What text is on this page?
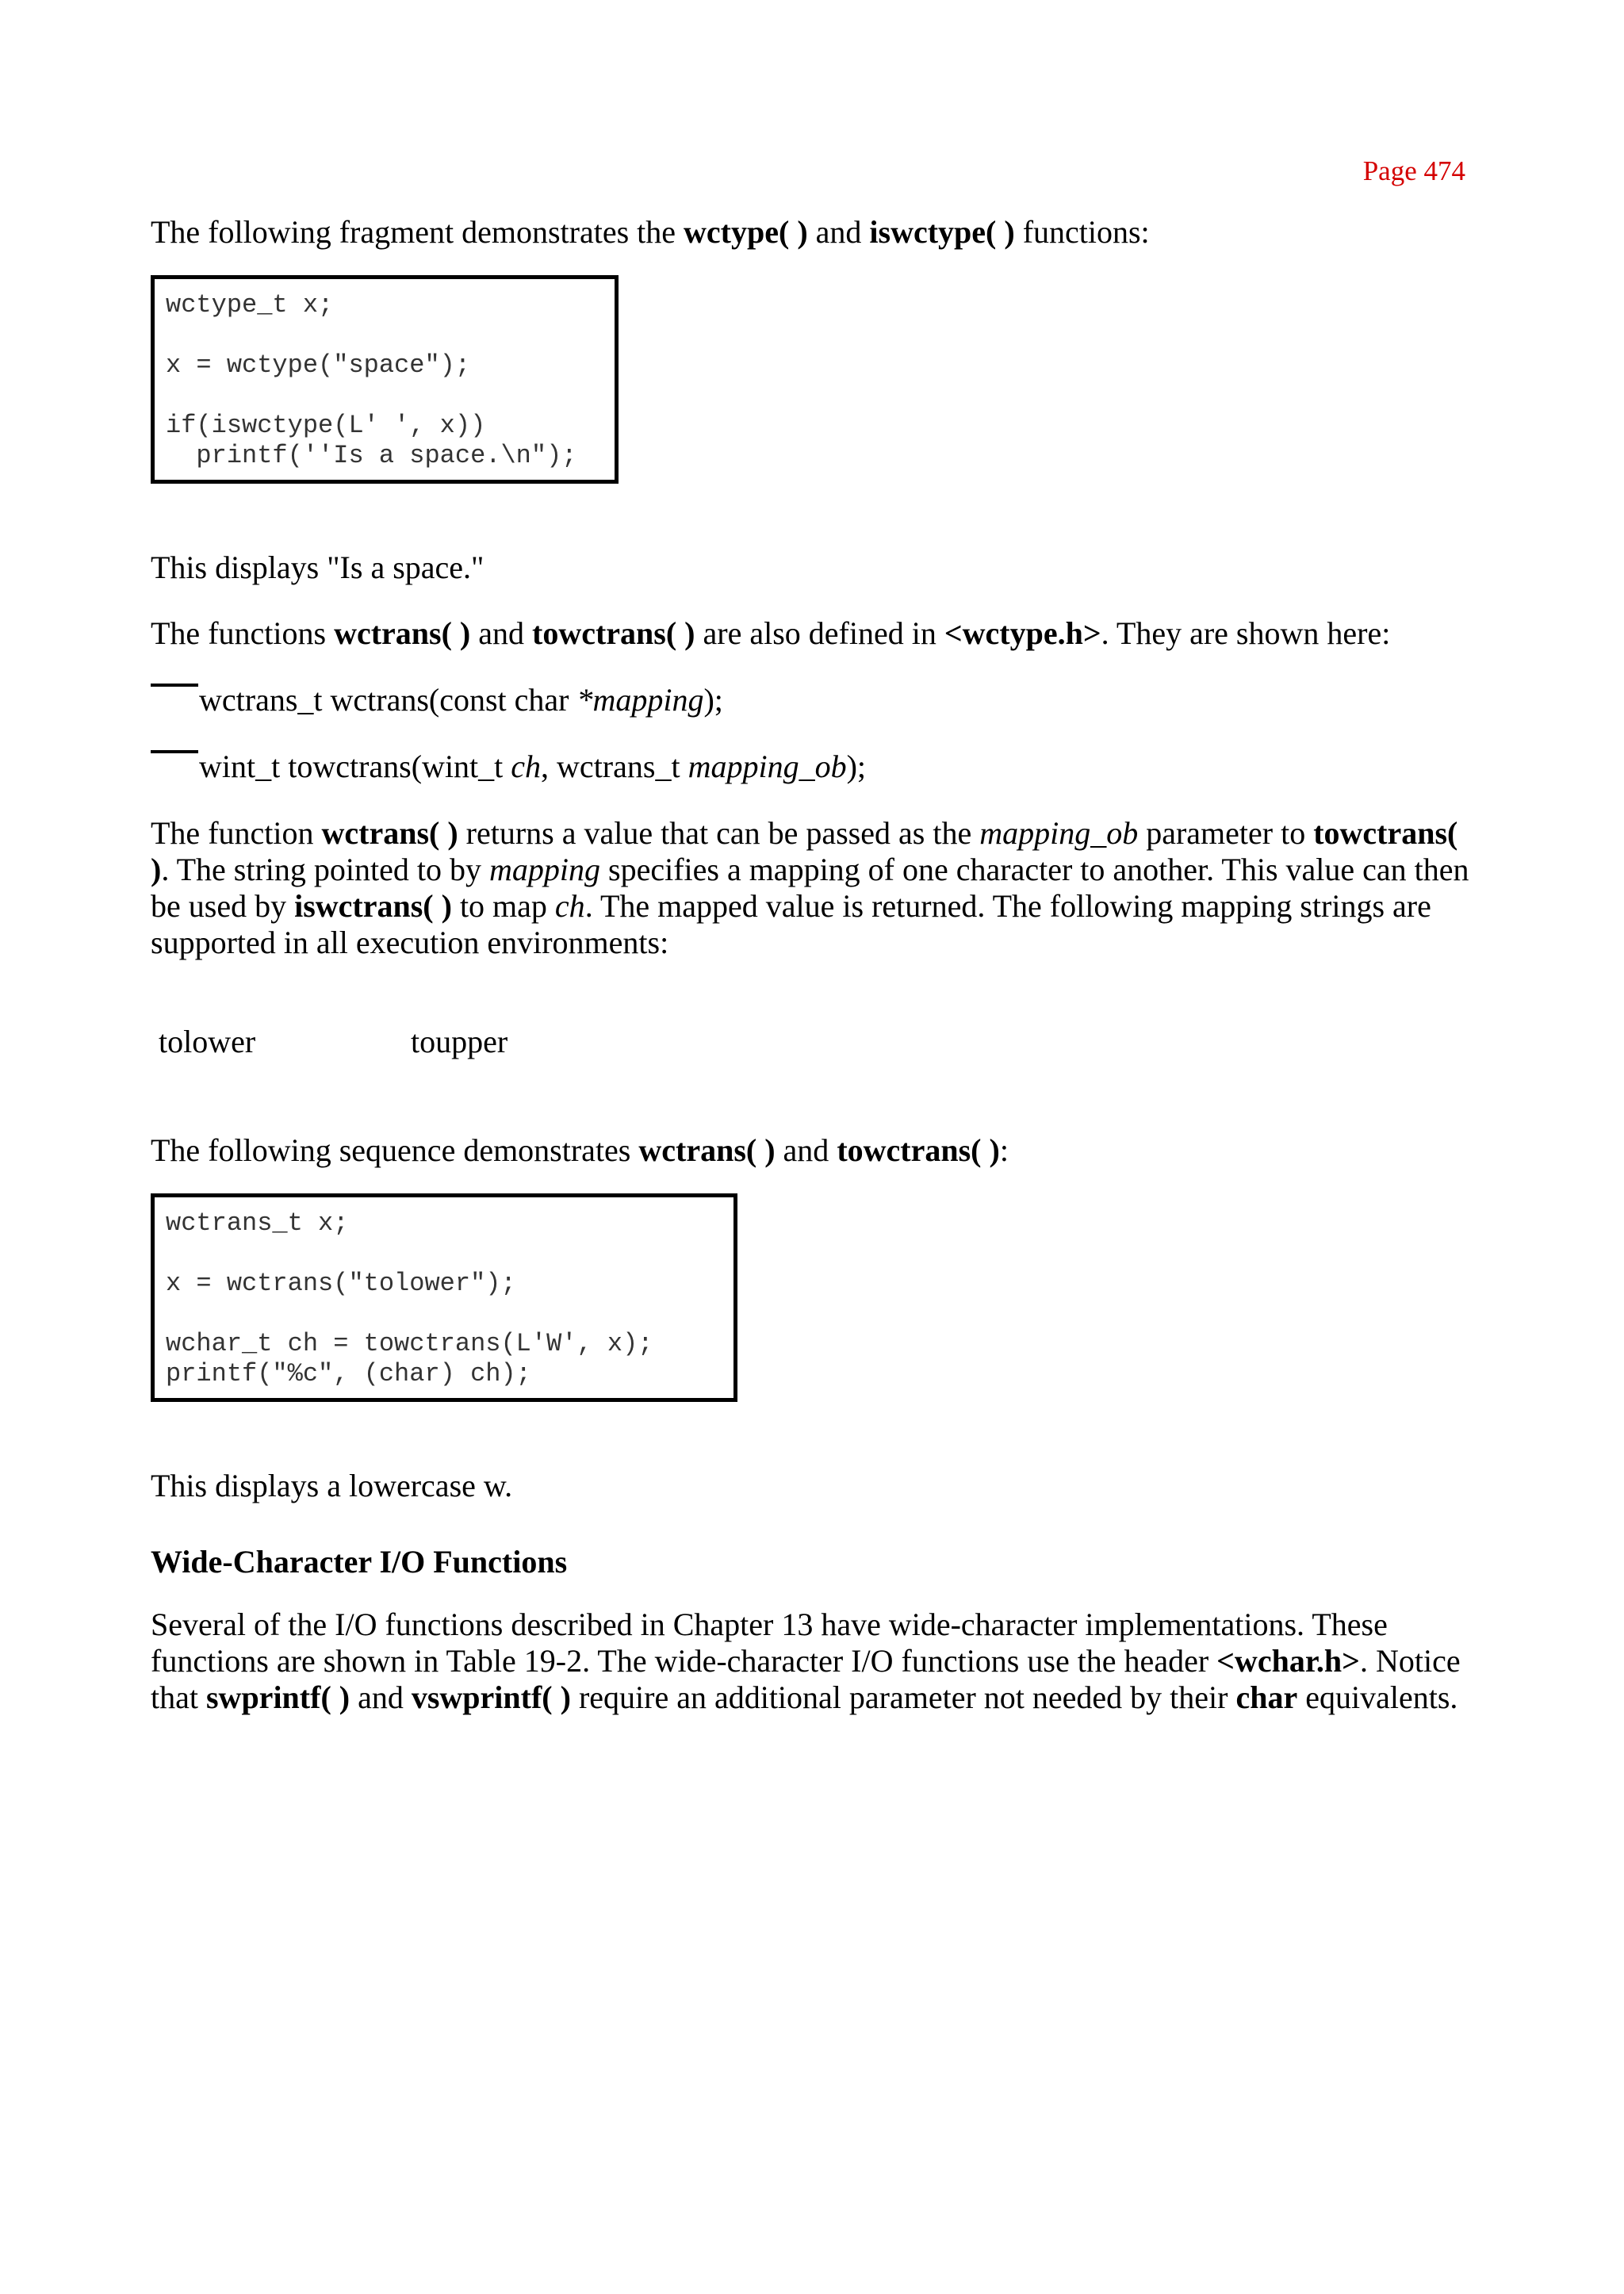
Page 474

The following fragment demonstrates the wctype( ) and iswctype( ) functions:

wctype_t x;
x = wctype("space");
if(iswctype(L' ', x))
printf(''Is a space.\n");

This displays "Is a space."

The functions wctrans( ) and towctrans( ) are also defined in <wctype.h>. They are shown here:

wctrans_t wctrans(const char *mapping);
wint_t towctrans(wint_t ch, wctrans_t mapping_ob);

The function wctrans( ) returns a value that can be passed as the mapping_ob parameter to towctrans( ). The string pointed to by mapping specifies a mapping of one character to another. This value can then be used by iswctrans( ) to map ch. The mapped value is returned. The following mapping strings are supported in all execution environments:

tolower	toupper

The following sequence demonstrates wctrans( ) and towctrans( ):

wctrans_t x;
x = wctrans("tolower");
wchar_t ch = towctrans(L'W', x);
printf("%c", (char) ch);

This displays a lowercase w.

Wide-Character I/O Functions

Several of the I/O functions described in Chapter 13 have wide-character implementations. These functions are shown in Table 19-2. The wide-character I/O functions use the header <wchar.h>. Notice that swprintf( ) and vswprintf( ) require an additional parameter not needed by their char equivalents.
